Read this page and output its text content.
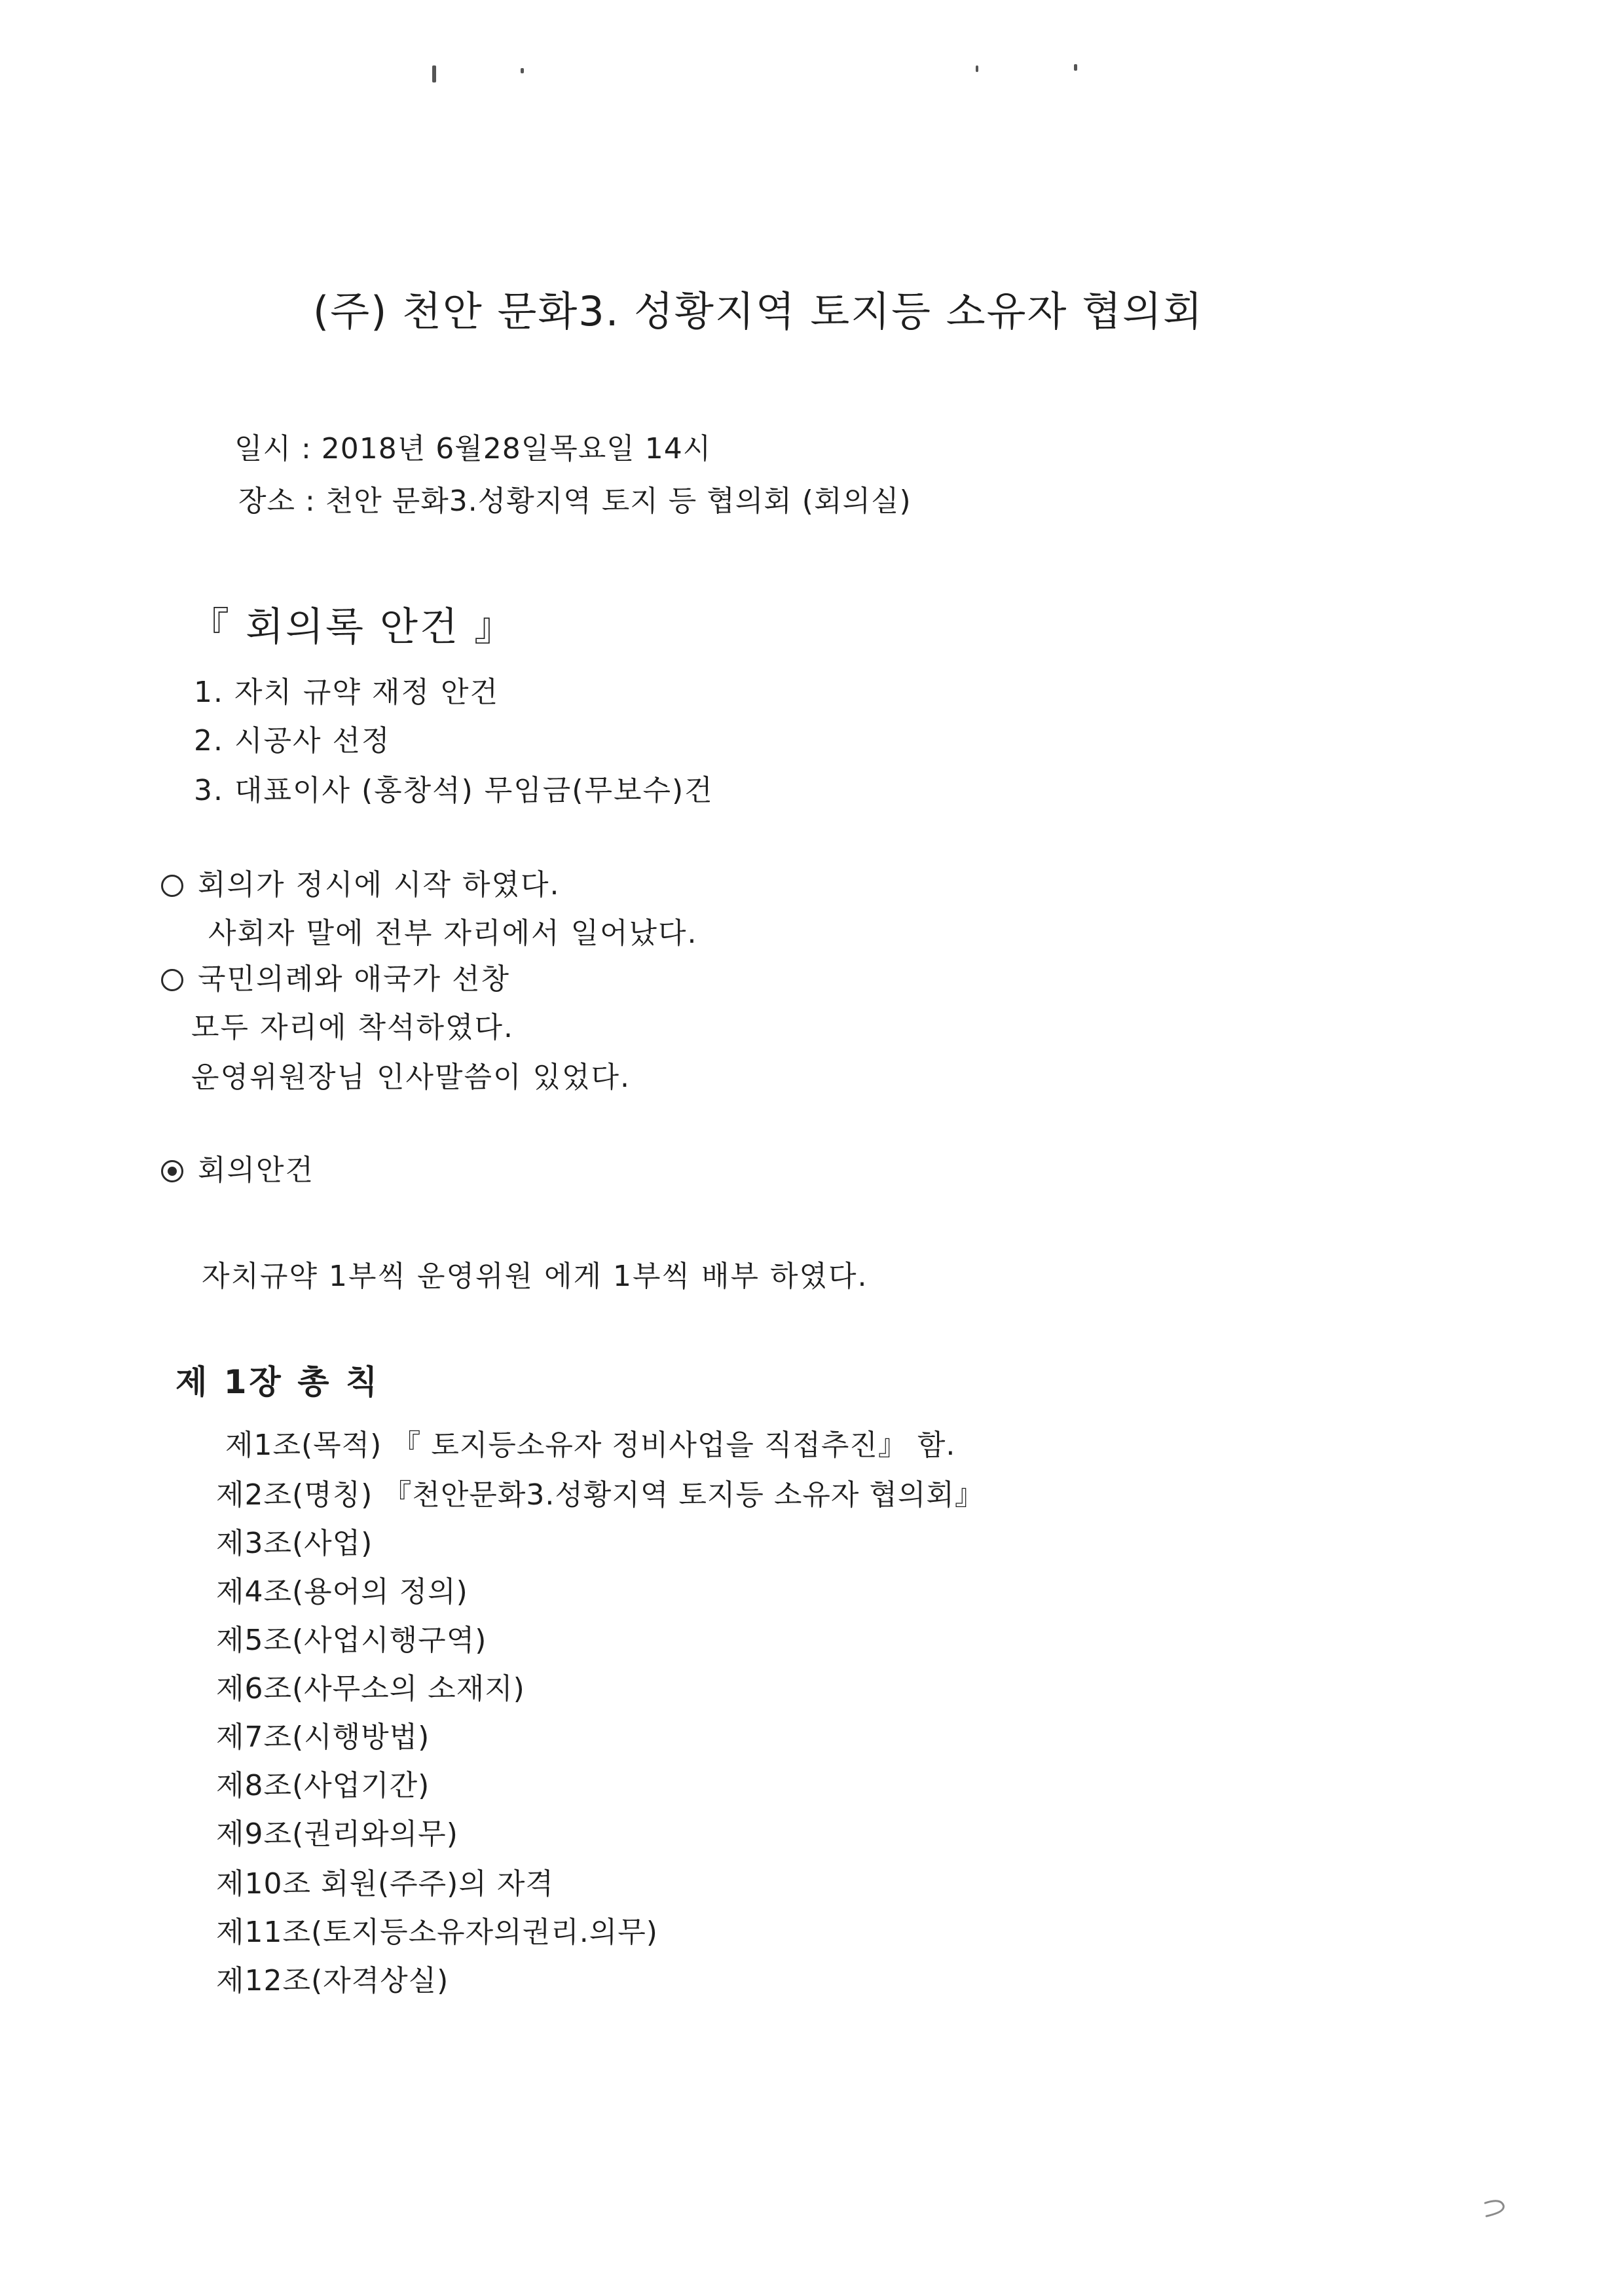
(주) 천안 문화3. 성황지역 토지등 소유자 협의회
일시 : 2018년 6월28일목요일 14시
장소 : 천안 문화3.성황지역 토지 등 협의회 (회의실)
『 회의록 안건 』
1. 자치 규약 재정 안건
2. 시공사 선정
3. 대표이사 (홍창석) 무임금(무보수)건
회의가 정시에 시작 하였다.
사회자 말에 전부 자리에서 일어났다.
국민의례와 애국가 선창
모두 자리에 착석하였다.
운영위원장님 인사말씀이 있었다.
회의안건
자치규약 1부씩 운영위원 에게 1부씩 배부 하였다.
제 1장 총 칙
제1조(목적) 『 토지등소유자 정비사업을 직접추진』 함.
제2조(명칭) 『천안문화3.성황지역 토지등 소유자 협의회』
제3조(사업)
제4조(용어의 정의)
제5조(사업시행구역)
제6조(사무소의 소재지)
제7조(시행방법)
제8조(사업기간)
제9조(권리와의무)
제10조 회원(주주)의 자격
제11조(토지등소유자의권리.의무)
제12조(자격상실)
